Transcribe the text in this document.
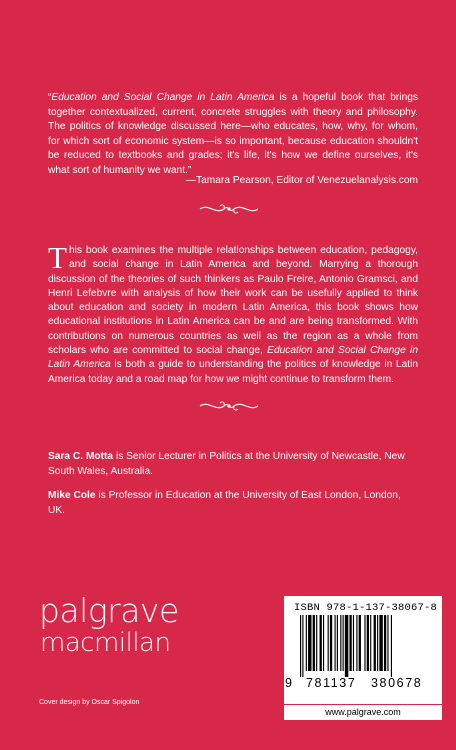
“Education and Social Change in Latin America is a hopeful book that brings together contextualized, current, concrete struggles with theory and philosophy. The politics of knowledge discussed here—who educates, how, why, for whom, for which sort of economic system—is so important, because education shouldn't be reduced to textbooks and grades; it's life, it's how we define ourselves, it's what sort of humanity we want.”
—Tamara Pearson, Editor of Venezuelanalysis.com
This book examines the multiple relationships between education, pedagogy, and social change in Latin America and beyond. Marrying a thorough discussion of the theories of such thinkers as Paulo Freire, Antonio Gramsci, and Henri Lefebvre with analysis of how their work can be usefully applied to think about education and society in modern Latin America, this book shows how educational institutions in Latin America can be and are being transformed. With contributions on numerous countries as well as the region as a whole from scholars who are committed to social change, Education and Social Change in Latin America is both a guide to understanding the politics of knowledge in Latin America today and a road map for how we might continue to transform them.
Sara C. Motta is Senior Lecturer in Politics at the University of Newcastle, New South Wales, Australia.
Mike Cole is Professor in Education at the University of East London, London, UK.
palgrave
macmillan
Cover design by Oscar Spigolon
ISBN 978-1-137-38067-8
9 781137 380678
www.palgrave.com
